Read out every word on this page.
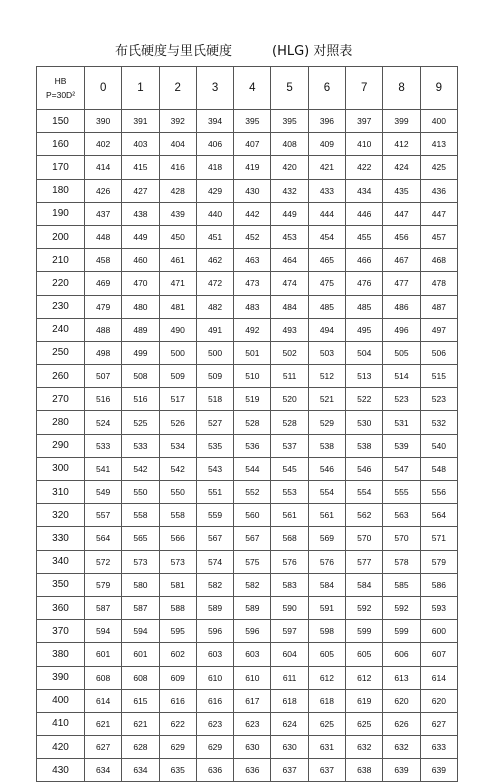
布氏硬度与里氏硬度	(HLG) 对照表
HB
P=30D²	0	1	2	3	4	5	6	7	8	9
150	390	391	392	394	395	395	396	397	399	400
160	402	403	404	406	407	408	409	410	412	413
170	414	415	416	418	419	420	421	422	424	425
180	426	427	428	429	430	432	433	434	435	436
190	437	438	439	440	442	449	444	446	447	447
200	448	449	450	451	452	453	454	455	456	457
210	458	460	461	462	463	464	465	466	467	468
220	469	470	471	472	473	474	475	476	477	478
230	479	480	481	482	483	484	485	485	486	487
240	488	489	490	491	492	493	494	495	496	497
250	498	499	500	500	501	502	503	504	505	506
260	507	508	509	509	510	511	512	513	514	515
270	516	516	517	518	519	520	521	522	523	523
280	524	525	526	527	528	528	529	530	531	532
290	533	533	534	535	536	537	538	538	539	540
300	541	542	542	543	544	545	546	546	547	548
310	549	550	550	551	552	553	554	554	555	556
320	557	558	558	559	560	561	561	562	563	564
330	564	565	566	567	567	568	569	570	570	571
340	572	573	573	574	575	576	576	577	578	579
350	579	580	581	582	582	583	584	584	585	586
360	587	587	588	589	589	590	591	592	592	593
370	594	594	595	596	596	597	598	599	599	600
380	601	601	602	603	603	604	605	605	606	607
390	608	608	609	610	610	611	612	612	613	614
400	614	615	616	616	617	618	618	619	620	620
410	621	621	622	623	623	624	625	625	626	627
420	627	628	629	629	630	630	631	632	632	633
430	634	634	635	636	636	637	637	638	639	639
